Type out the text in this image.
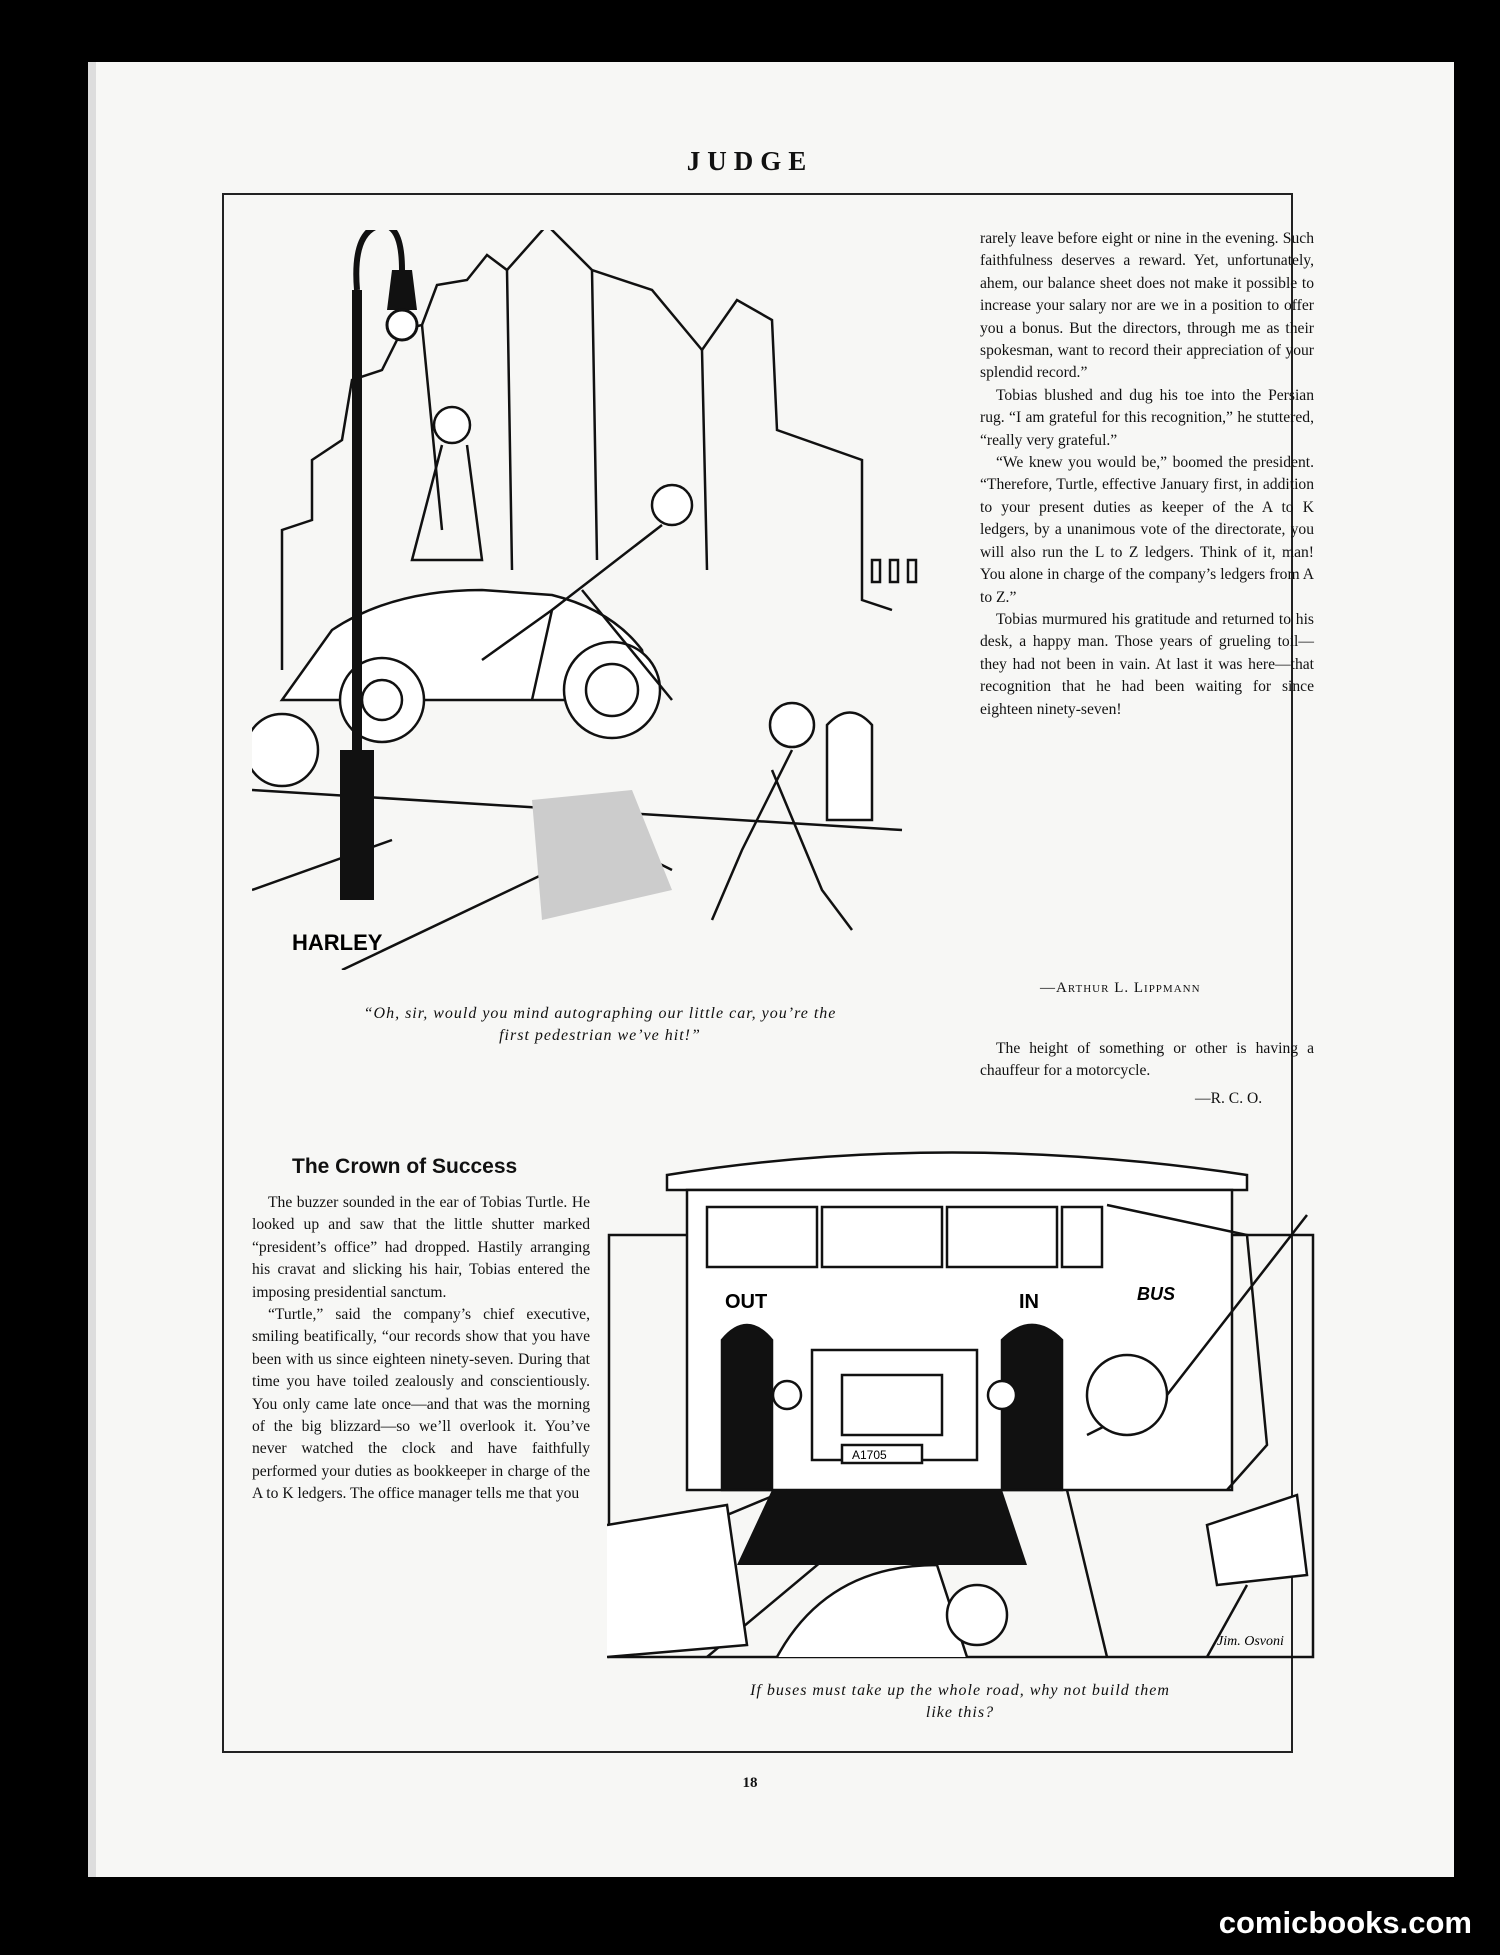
JUDGE
HARLEY
“Oh, sir, would you mind autographing our little car, you’re the
first pedestrian we’ve hit!”

rarely leave before eight or nine in the evening. Such faithfulness deserves a reward. Yet, unfortunately, ahem, our balance sheet does not make it possible to increase your salary nor are we in a position to offer you a bonus. But the directors, through me as their spokesman, want to record their appreciation of your splendid record.”

Tobias blushed and dug his toe into the Persian rug. “I am grateful for this recognition,” he stuttered, “really very grateful.”

“We knew you would be,” boomed the president. “Therefore, Turtle, effective January first, in addition to your present duties as keeper of the A to K ledgers, by a unanimous vote of the directorate, you will also run the L to Z ledgers. Think of it, man! You alone in charge of the company’s ledgers from A to Z.”

Tobias murmured his gratitude and returned to his desk, a happy man. Those years of grueling toil—they had not been in vain. At last it was here—that recognition that he had been waiting for since eighteen ninety-seven!

—Arthur L. Lippmann

The height of something or other is having a chauffeur for a motorcycle.

—R. C. O.
The Crown of Success

The buzzer sounded in the ear of Tobias Turtle. He looked up and saw that the little shutter marked “president’s office” had dropped. Hastily arranging his cravat and slicking his hair, Tobias entered the imposing presidential sanctum.

“Turtle,” said the company’s chief executive, smiling beatifically, “our records show that you have been with us since eighteen ninety-seven. During that time you have toiled zealously and conscientiously. You only came late once—and that was the morning of the big blizzard—so we’ll overlook it. You’ve never watched the clock and have faithfully performed your duties as bookkeeper in charge of the A to K ledgers. The office manager tells me that you

OUT	IN	BUS
A1705
Jim. Osvoni
If buses must take up the whole road, why not build them
like this?
18
comicbooks.com
